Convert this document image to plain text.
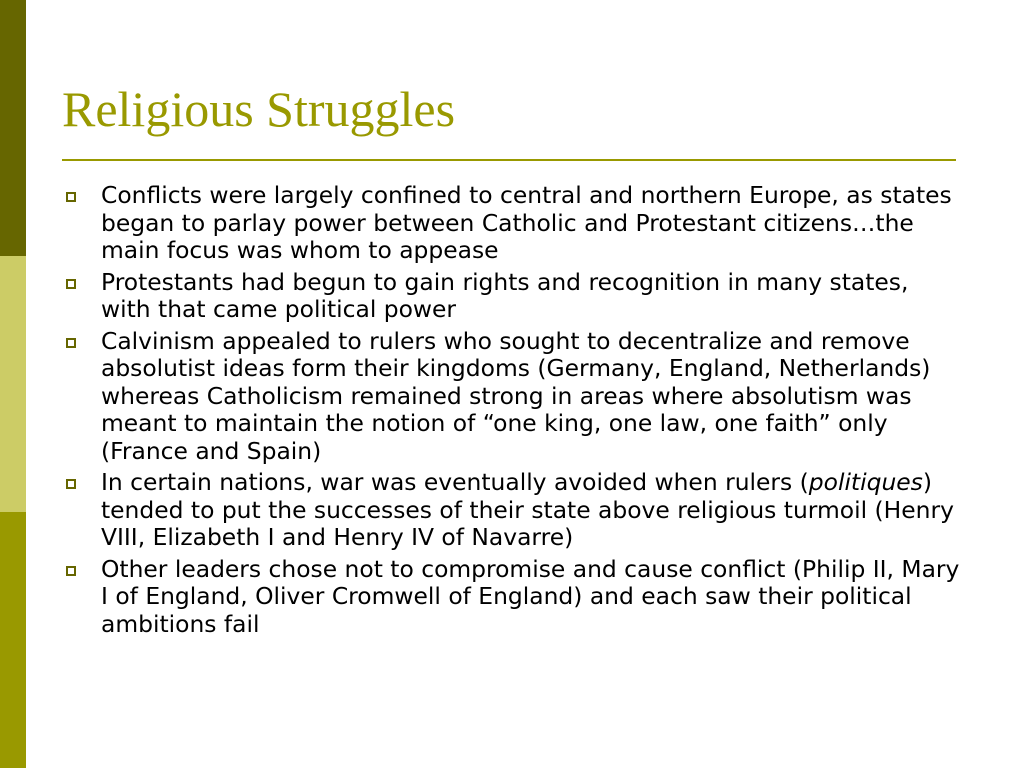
Religious Struggles
Conflicts were largely confined to central and northern Europe, as states began to parlay power between Catholic and Protestant citizens…the main focus was whom to appease
Protestants had begun to gain rights and recognition in many states, with that came political power
Calvinism appealed to rulers who sought to decentralize and remove absolutist ideas form their kingdoms (Germany, England, Netherlands) whereas Catholicism remained strong in areas where absolutism was meant to maintain the notion of “one king, one law, one faith” only (France and Spain)
In certain nations, war was eventually avoided when rulers (politiques) tended to put the successes of their state above religious turmoil (Henry VIII, Elizabeth I and Henry IV of Navarre)
Other leaders chose not to compromise and cause conflict (Philip II, Mary I of England, Oliver Cromwell of England) and each saw their political ambitions fail
